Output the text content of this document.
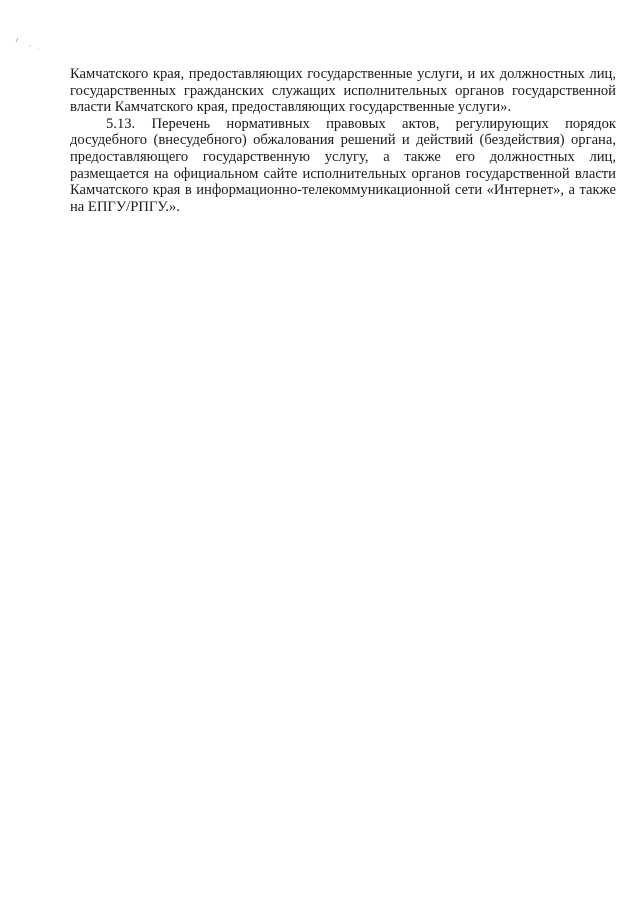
Камчатского края, предоставляющих государственные услуги, и их должностных лиц, государственных гражданских служащих исполнительных органов государственной власти Камчатского края, предоставляющих государственные услуги».

5.13. Перечень нормативных правовых актов, регулирующих порядок досудебного (внесудебного) обжалования решений и действий (бездействия) органа, предоставляющего государственную услугу, а также его должностных лиц, размещается на официальном сайте исполнительных органов государственной власти Камчатского края в информационно-телекоммуникационной сети «Интернет», а также на ЕПГУ/РПГУ.».
